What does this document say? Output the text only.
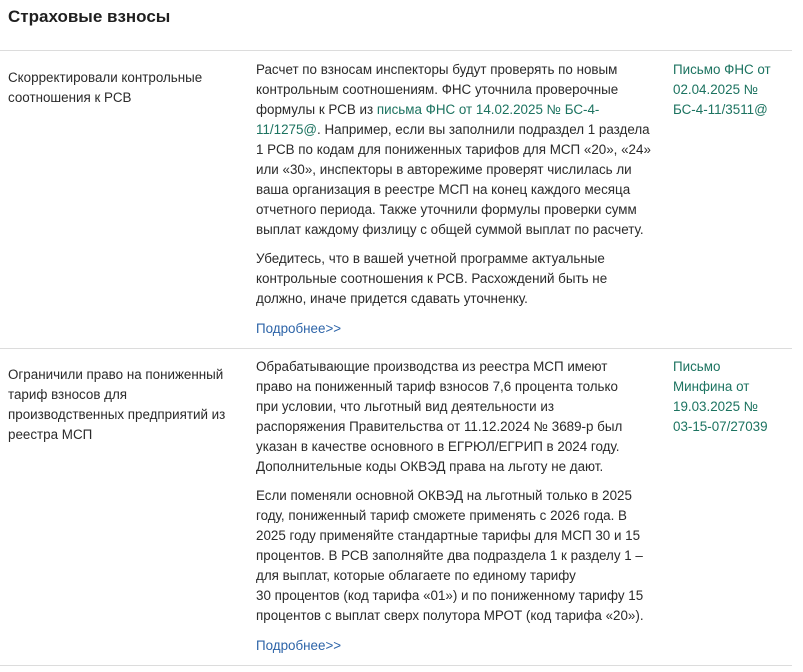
Страховые взносы
Скорректировали контрольные
соотношения к РСВ

Расчет по взносам инспекторы будут проверять по новым
контрольным соотношениям. ФНС уточнила проверочные
формулы к РСВ из письма ФНС от 14.02.2025 № БС-4-
11/1275@. Например, если вы заполнили подраздел 1 раздела
1 РСВ по кодам для пониженных тарифов для МСП «20», «24»
или «30», инспекторы в авторежиме проверят числилась ли
ваша организация в реестре МСП на конец каждого месяца
отчетного периода. Также уточнили формулы проверки сумм
выплат каждому физлицу с общей суммой выплат по расчету.

Убедитесь, что в вашей учетной программе актуальные
контрольные соотношения к РСВ. Расхождений быть не
должно, иначе придется сдавать уточненку.

Подробнее>>
Письмо ФНС от
02.04.2025 №
БС-4-11/3511@
Ограничили право на пониженный
тариф взносов для
производственных предприятий из
реестра МСП

Обрабатывающие производства из реестра МСП имеют
право на пониженный тариф взносов 7,6 процента только
при условии, что льготный вид деятельности из
распоряжения Правительства от 11.12.2024 № 3689-р был
указан в качестве основного в ЕГРЮЛ/ЕГРИП в 2024 году.
Дополнительные коды ОКВЭД права на льготу не дают.

Если поменяли основной ОКВЭД на льготный только в 2025
году, пониженный тариф сможете применять с 2026 года. В
2025 году применяйте стандартные тарифы для МСП 30 и 15
процентов. В РСВ заполняйте два подраздела 1 к разделу 1 –
для выплат, которые облагаете по единому тарифу
30 процентов (код тарифа «01») и по пониженному тарифу 15
процентов с выплат сверх полутора МРОТ (код тарифа «20»).

Подробнее>>
Письмо
Минфина от
19.03.2025 №
03-15-07/27039
